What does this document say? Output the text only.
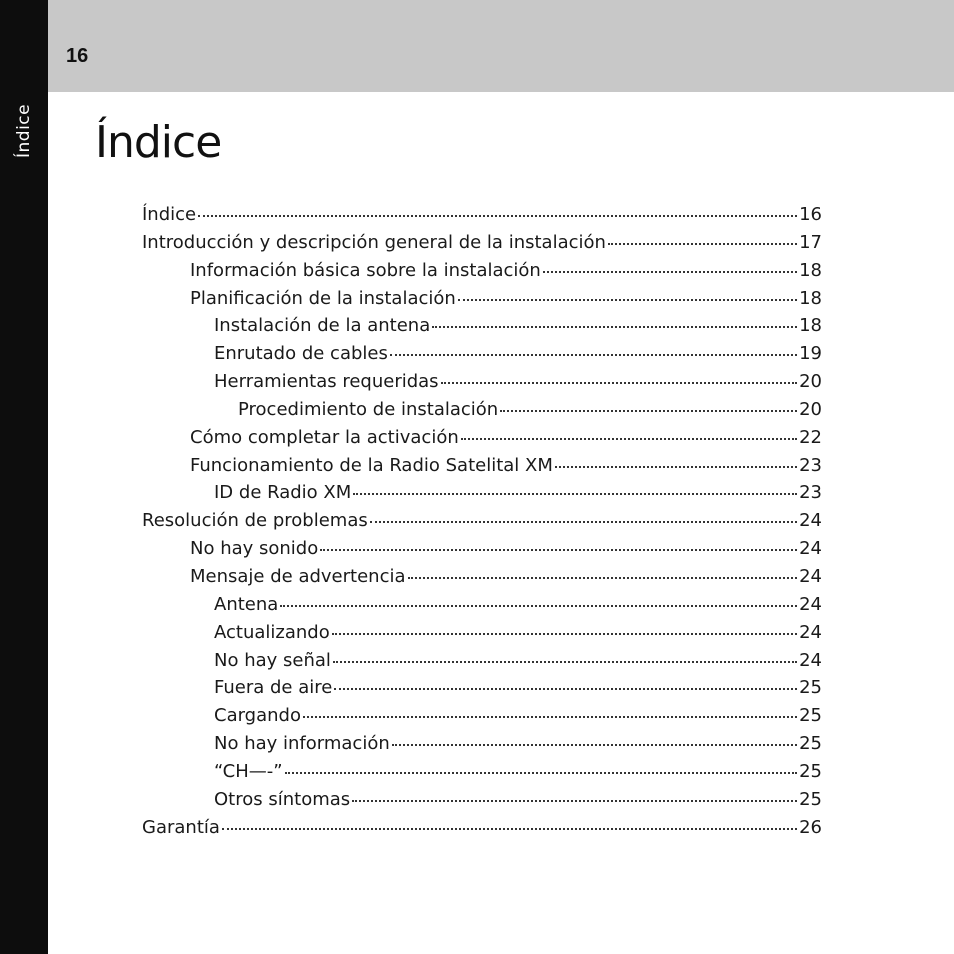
Índice
16
Índice
Índice	16
Introducción y descripción general de la instalación	17
Información básica sobre la instalación	18
Planificación de la instalación	18
Instalación de la antena	18
Enrutado de cables	19
Herramientas requeridas	20
Procedimiento de instalación	20
Cómo completar la activación	22
Funcionamiento de la Radio Satelital XM	23
ID de Radio XM	23
Resolución de problemas	24
No hay sonido	24
Mensaje de advertencia	24
Antena	24
Actualizando	24
No hay señal	24
Fuera de aire	25
Cargando	25
No hay información	25
“CH—-”	25
Otros síntomas	25
Garantía	26
